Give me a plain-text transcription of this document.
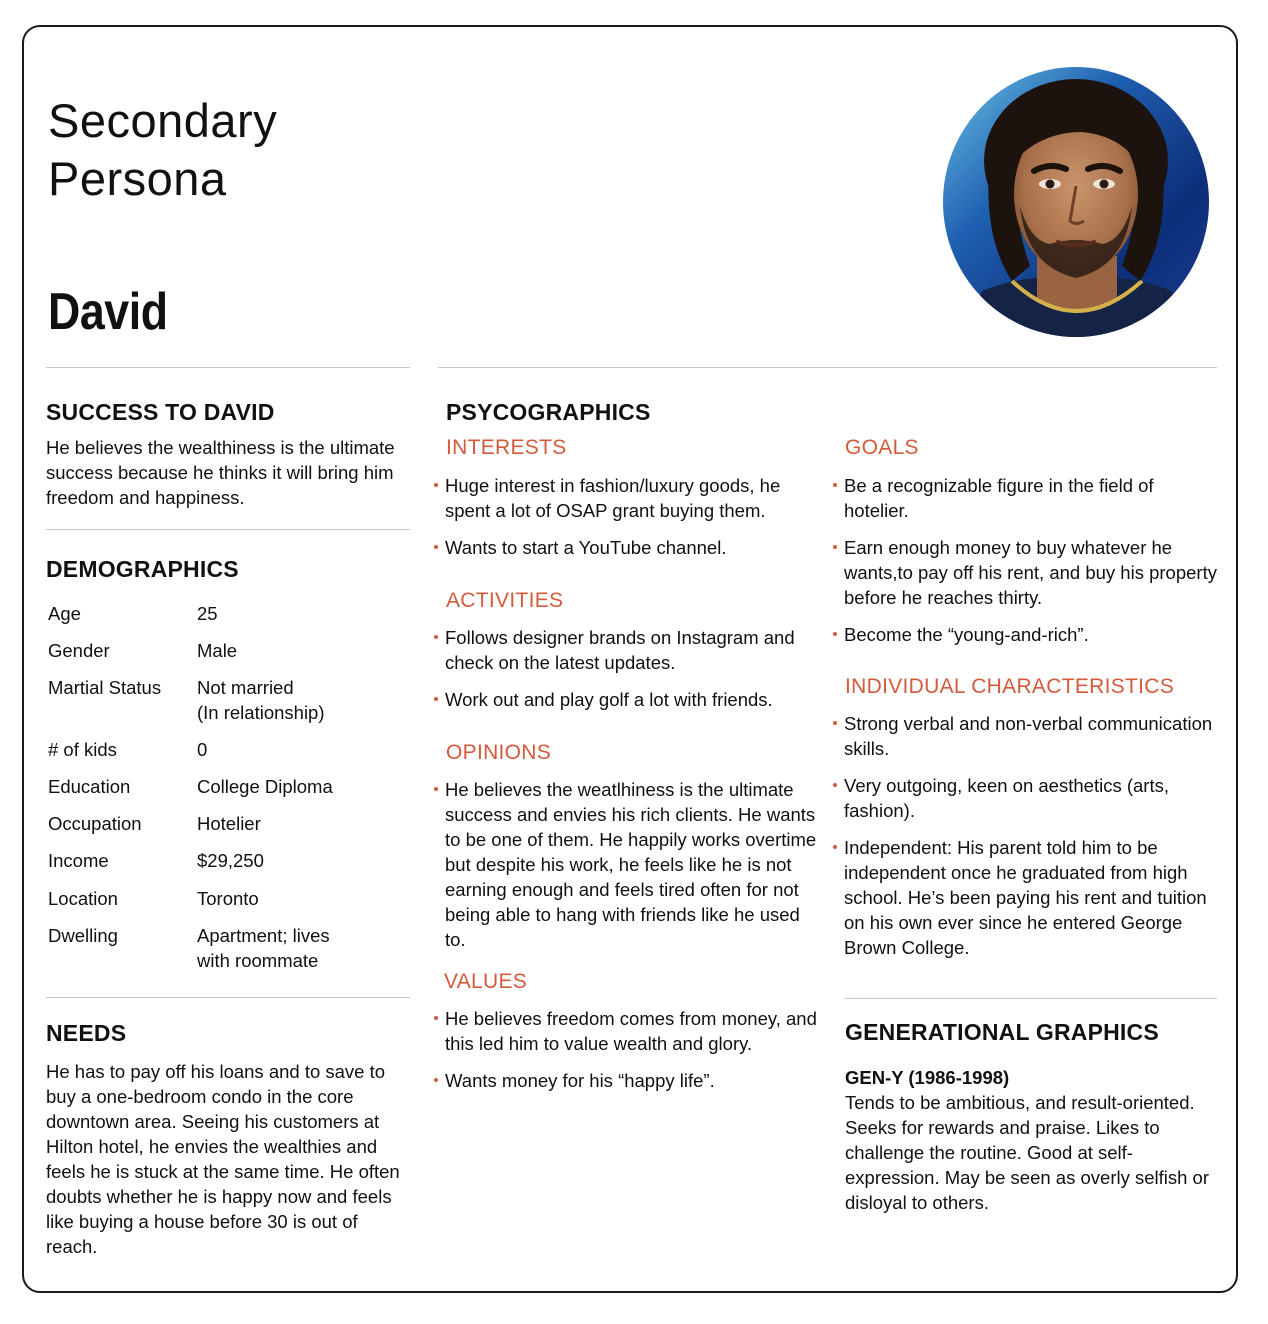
Secondary
Persona
David
SUCCESS TO DAVID

He believes the wealthiness is the ultimate success because he thinks it will bring him freedom and happiness.

DEMOGRAPHICS
Age	25
Gender	Male
Martial Status	Not married
(In relationship)
# of kids	0
Education	College Diploma
Occupation	Hotelier
Income	$29,250
Location	Toronto
Dwelling	Apartment; lives
with roommate
NEEDS

He has to pay off his loans and to save to buy a one-bedroom condo in the core downtown area. Seeing his customers at Hilton hotel, he envies the wealthies and feels he is stuck at the same time. He often doubts whether he is happy now and feels like buying a house before 30 is out of reach.

PSYCOGRAPHICS
INTERESTS
Huge interest in fashion/luxury goods, he spent a lot of OSAP grant buying them.
Wants to start a YouTube channel.
ACTIVITIES
Follows designer brands on Instagram and check on the latest updates.
Work out and play golf a lot with friends.
OPINIONS
He believes the weatlhiness is the ultimate success and envies his rich clients. He wants to be one of them. He happily works overtime but despite his work, he feels like he is not earning enough and feels tired often for not being able to hang with friends like he used to.
VALUES
He believes freedom comes from money, and this led him to value wealth and glory.
Wants money for his “happy life”.
GOALS
Be a recognizable figure in the field of hotelier.
Earn enough money to buy whatever he wants,to pay off his rent, and buy his property before he reaches thirty.
Become the “young-and-rich”.
INDIVIDUAL CHARACTERISTICS
Strong verbal and non-verbal communication skills.
Very outgoing, keen on aesthetics (arts, fashion).
Independent: His parent told him to be independent once he graduated from high school. He’s been paying his rent and tuition on his own ever since he entered George Brown College.
GENERATIONAL GRAPHICS

GEN-Y (1986-1998)

Tends to be ambitious, and result-oriented. Seeks for rewards and praise. Likes to challenge the routine. Good at self-expression. May be seen as overly selfish or disloyal to others.
